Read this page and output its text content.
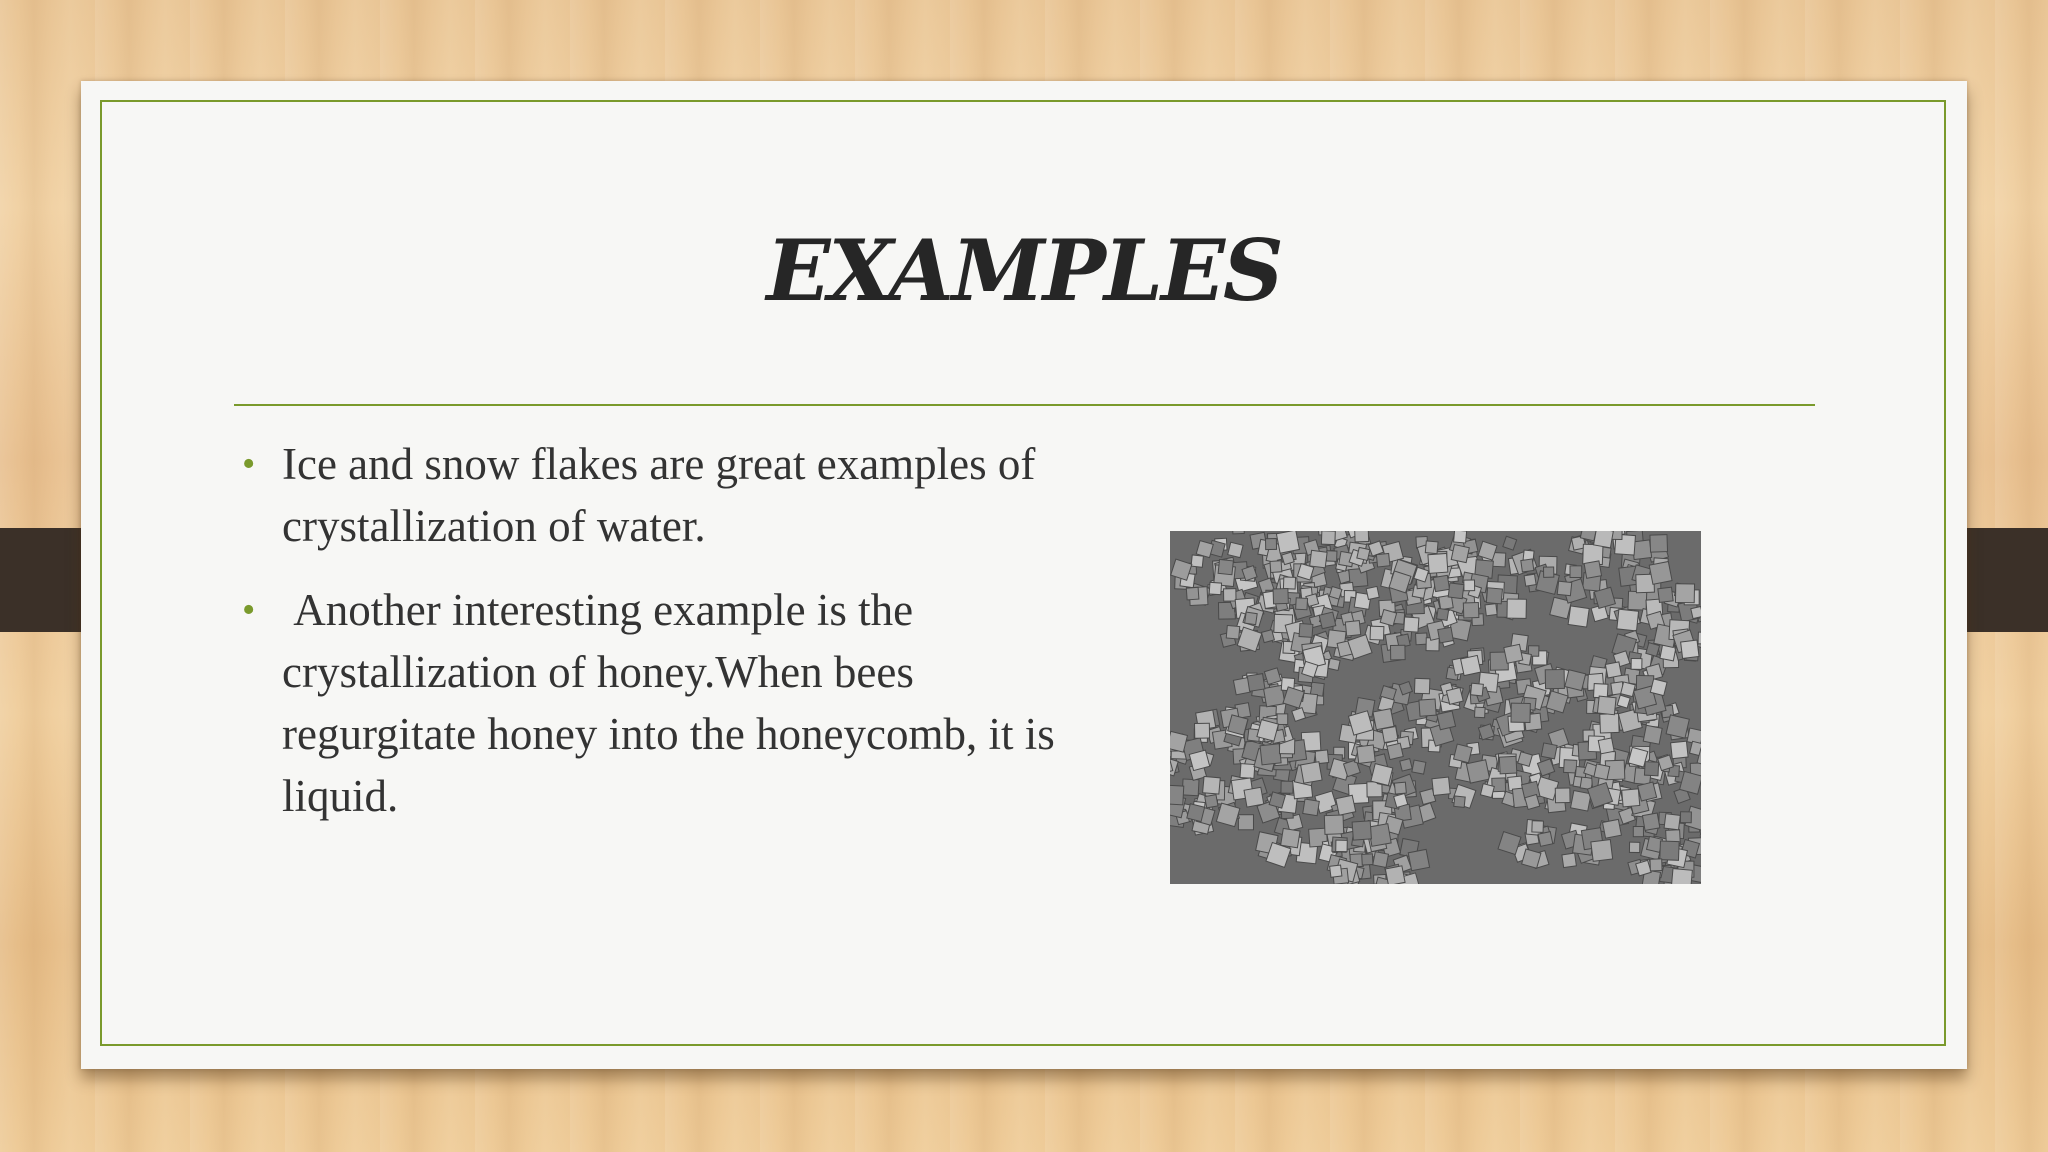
EXAMPLES
• Ice and snow flakes are great examples of crystallization of water.
• Another interesting example is the crystallization of honey.When bees regurgitate honey into the honeycomb, it is liquid.
